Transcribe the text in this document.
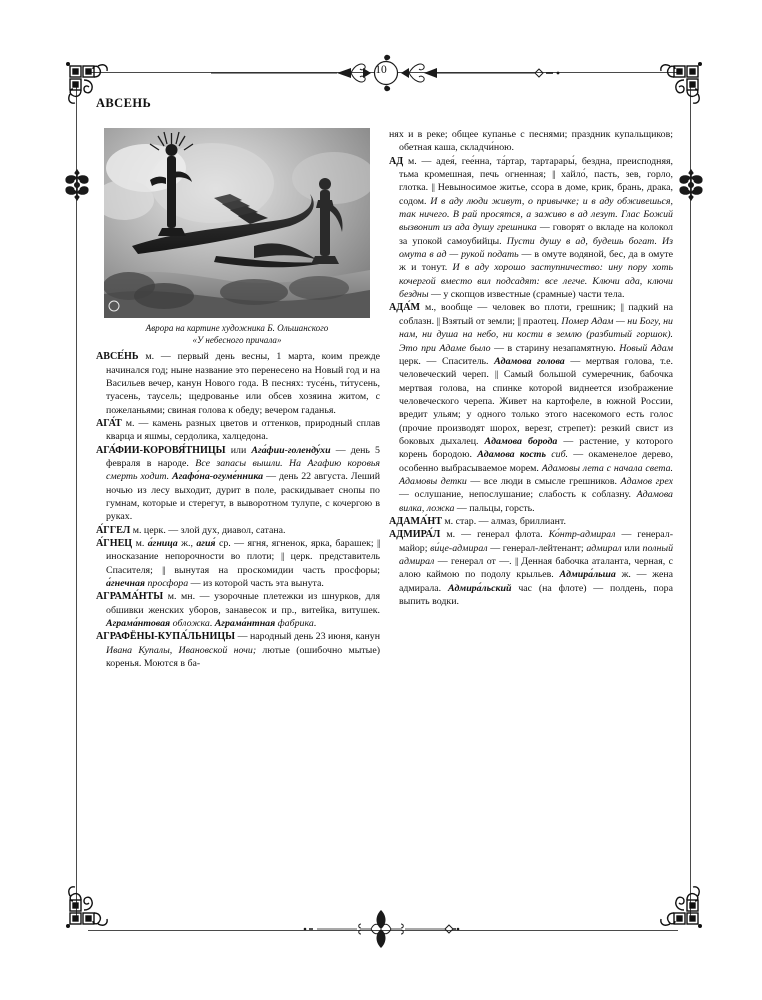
10
АВСЕНЬ
Аврора на картине художника Б. Ольшанского
«У небесного причала»

АВСЕ́НЬ м. — первый день весны, 1 марта, коим прежде начинался год; ныне название это перенесено на Новый год и на Васильев вечер, канун Нового года. В песнях: тусе́нь, ти́тусень, туасень, таусель; щедрованье или обсев хозяина житом, с пожеланьями; свиная голова к обеду; вечером гаданья.

АГА́Т м. — камень разных цветов и оттенков, природный сплав кварца и яшмы, сердолика, халцедона.

АГА́ФИИ-КОРОВЯ́ТНИЦЫ или Ага́фии-голенду́хи — день 5 февраля в народе. Все запасы вышли. На Агафию коровья смерть ходит. Агафо́на-огуме́нника — день 22 августа. Леший ночью из лесу выходит, дурит в поле, раскидывает снопы по гумнам, которые и стерегут, в выворотном тулупе, с кочергою в руках.

А́ГГЕЛ м. церк. — злой дух, диавол, сатана.

А́ГНЕЦ м. а́гница ж., агия́ ср. — ягня, ягненок, ярка, барашек; || иносказание непорочности во плоти; || церк. представитель Спасителя; || вынутая на проскомидии часть просфоры; а́гнечная просфора — из которой часть эта вынута.

АГРАМА́НТЫ м. мн. — узорочные плетежки из шнурков, для обшивки женских уборов, занавесок и пр., витейка, витушек. Аграма́нтовая обложка. Аграма́нтная фабрика.

АГРАФЁНЫ-КУПА́ЛЬНИЦЫ — народный день 23 июня, канун Ивана Купалы, Ивановской ночи; лютые (ошибочно мытые) коренья. Моются в ба-

нях и в реке; общее купанье с песнями; праздник купальщиков; обетная каша, складчи́ною.

АД м. — адея́, гее́нна, та́ртар, тартарары́, бездна, преисподняя, тьма кромешная, печь огненная; || хайло́, пасть, зев, горло, глотка. || Невыносимое житье, ссора в доме, крик, брань, драка, содом. И в аду люди живут, о привычке; и в аду обживешься, так ничего. В рай просятся, а заживо в ад лезут. Глас Божий вызвонит из ада душу грешника — говорят о вкладе на колокол за упокой самоубийцы. Пусти душу в ад, будешь богат. Из омута в ад — рукой подать — в омуте водяной, бес, да в омуте ж и тонут. И в аду хорошо заступничество: ину пору хоть кочергой вместо вил подсадят: все легче. Ключи ада, ключи бездны — у скопцов известные (срамные) части тела.

АДА́М м., вообще — человек во плоти, грешник; || падкий на соблазн. || Взятый от земли; || праотец. Помер Адам — ни Богу, ни нам, ни душа на небо, ни кости в землю (разбитый горшок). Это при Адаме было — в старину незапамятную. Новый Адам церк. — Спаситель. Адамова голова — мертвая голова, т.е. человеческий череп. || Самый большой сумеречник, бабочка мертвая голова, на спинке которой виднеется изображение человеческого черепа. Живет на картофеле, в южной России, вредит ульям; у одного только этого насекомого есть голос (прочие производят шорох, верезг, стрепет): резкий свист из боковых дыхалец. Адамова борода — растение, у которого корень бородою. Адамова кость сиб. — окаменелое дерево, особенно выбрасываемое морем. Адамовы лета с начала света. Адамовы детки — все люди в смысле грешников. Адамов грех — ослушание, непослушание; слабость к соблазну. Адамова вилка, ложка — пальцы, горсть.

АДАМА́НТ м. стар. — алмаз, бриллиант.

АДМИРА́Л м. — генерал флота. Ко́нтр-адмирал — генерал-майор; ви́це-адмирал — генерал-лейтенант; адмирал или полный адмирал — генерал от —. || Денная бабочка аталанта, черная, с алою каймою по подолу крыльев. Адмира́льша ж. — жена адмирала. Адмира́льский час (на флоте) — полдень, пора выпить водки.
